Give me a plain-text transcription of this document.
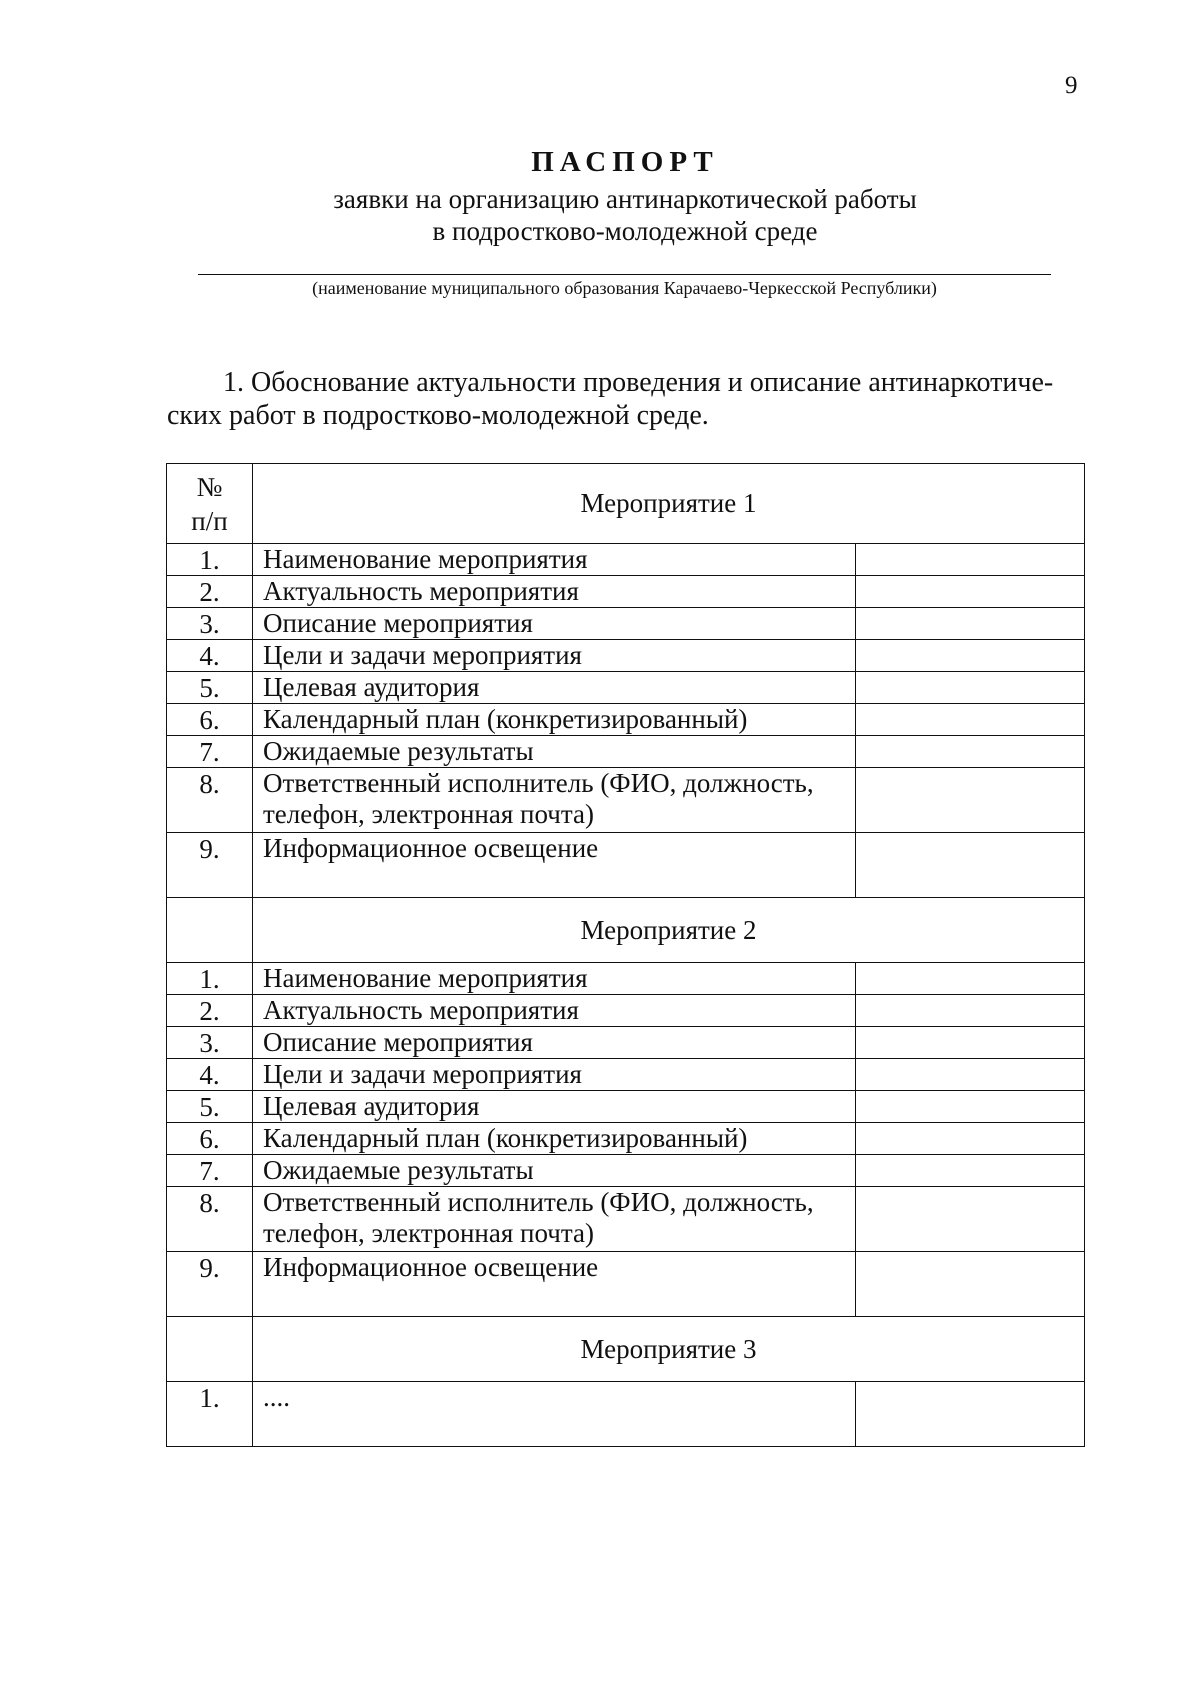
9
ПАСПОРТ
заявки на организацию антинаркотической работы
в подростково-молодежной среде
(наименование муниципального образования Карачаево-Черкесской Республики)
1. Обоснование актуальности проведения и описание антинаркотиче-
ских работ в подростково-молодежной среде.
№
п/п	Мероприятие 1	

1.	Наименование мероприятия	

2.	Актуальность мероприятия	

3.	Описание мероприятия	

4.	Цели и задачи мероприятия	

5.	Целевая аудитория	

6.	Календарный план (конкретизированный)	

7.	Ожидаемые результаты	

8.	Ответственный исполнитель (ФИО, должность,
телефон, электронная почта)	

9.	Информационное освещение	

	Мероприятие 2	

1.	Наименование мероприятия	

2.	Актуальность мероприятия	

3.	Описание мероприятия	

4.	Цели и задачи мероприятия	

5.	Целевая аудитория	

6.	Календарный план (конкретизированный)	

7.	Ожидаемые результаты	

8.	Ответственный исполнитель (ФИО, должность,
телефон, электронная почта)	

9.	Информационное освещение	

	Мероприятие 3	

1.	....	
